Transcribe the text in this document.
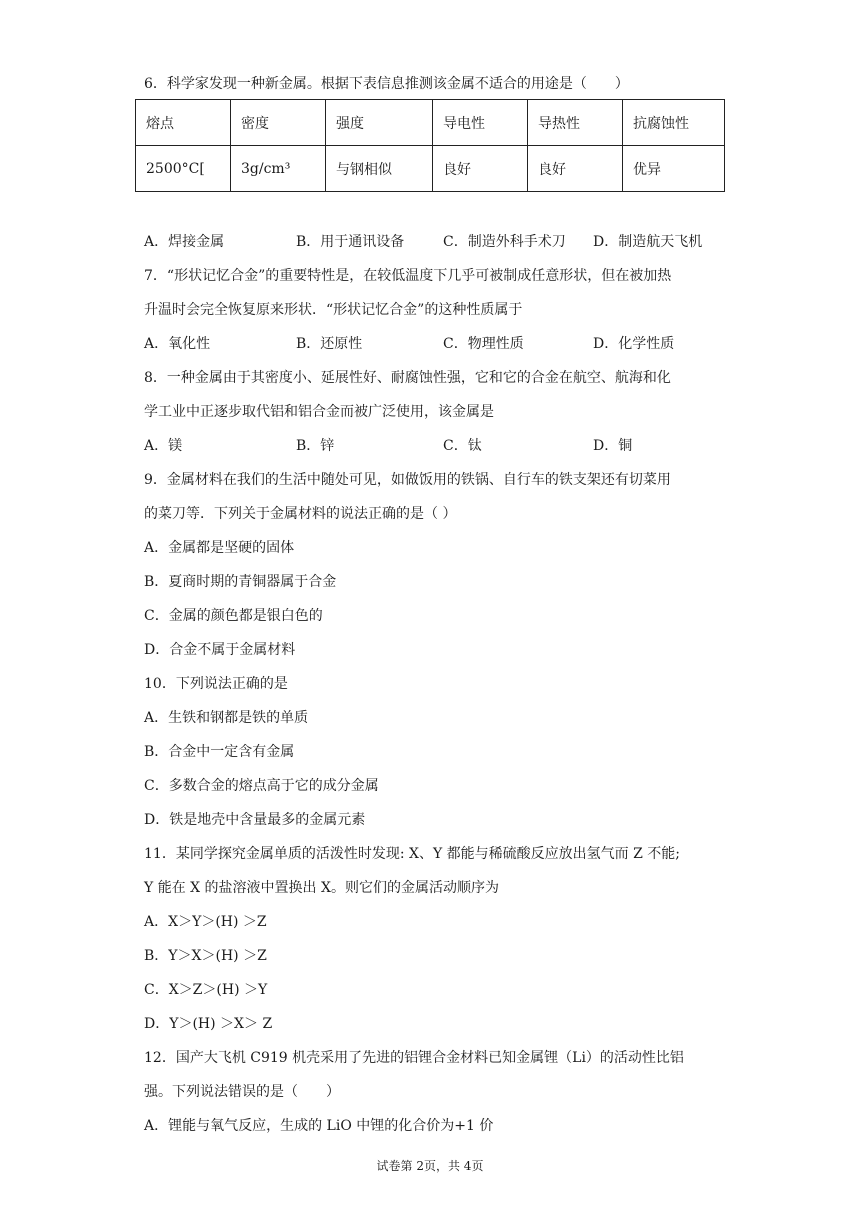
6．科学家发现一种新金属。根据下表信息推测该金属不适合的用途是（　　）
熔点	密度	强度	导电性	导热性	抗腐蚀性
2500°C[	3g/cm³	与钢相似	良好	良好	优异
A．焊接金属	B．用于通讯设备	C．制造外科手术刀	D．制造航天飞机
7．“形状记忆合金”的重要特性是，在较低温度下几乎可被制成任意形状，但在被加热
升温时会完全恢复原来形状．“形状记忆合金”的这种性质属于
A．氧化性	B．还原性	C．物理性质	D．化学性质
8．一种金属由于其密度小、延展性好、耐腐蚀性强，它和它的合金在航空、航海和化
学工业中正逐步取代铝和铝合金而被广泛使用，该金属是
A．镁	B．锌	C．钛	D．铜
9．金属材料在我们的生活中随处可见，如做饭用的铁锅、自行车的铁支架还有切菜用
的菜刀等．下列关于金属材料的说法正确的是（ ）
A．金属都是坚硬的固体
B．夏商时期的青铜器属于合金
C．金属的颜色都是银白色的
D．合金不属于金属材料
10．下列说法正确的是
A．生铁和钢都是铁的单质
B．合金中一定含有金属
C．多数合金的熔点高于它的成分金属
D．铁是地壳中含量最多的金属元素
11．某同学探究金属单质的活泼性时发现: X、Y 都能与稀硫酸反应放出氢气而 Z 不能;
Y 能在 X 的盐溶液中置换出 X。则它们的金属活动顺序为
A．X＞Y＞(H) ＞Z
B．Y＞X＞(H) ＞Z
C．X＞Z＞(H) ＞Y
D．Y＞(H) ＞X＞ Z
12．国产大飞机 C919 机壳采用了先进的铝锂合金材料已知金属锂（Li）的活动性比铝
强。下列说法错误的是（　　）
A．锂能与氧气反应，生成的 LiO 中锂的化合价为+1 价
试卷第 2页，共 4页
